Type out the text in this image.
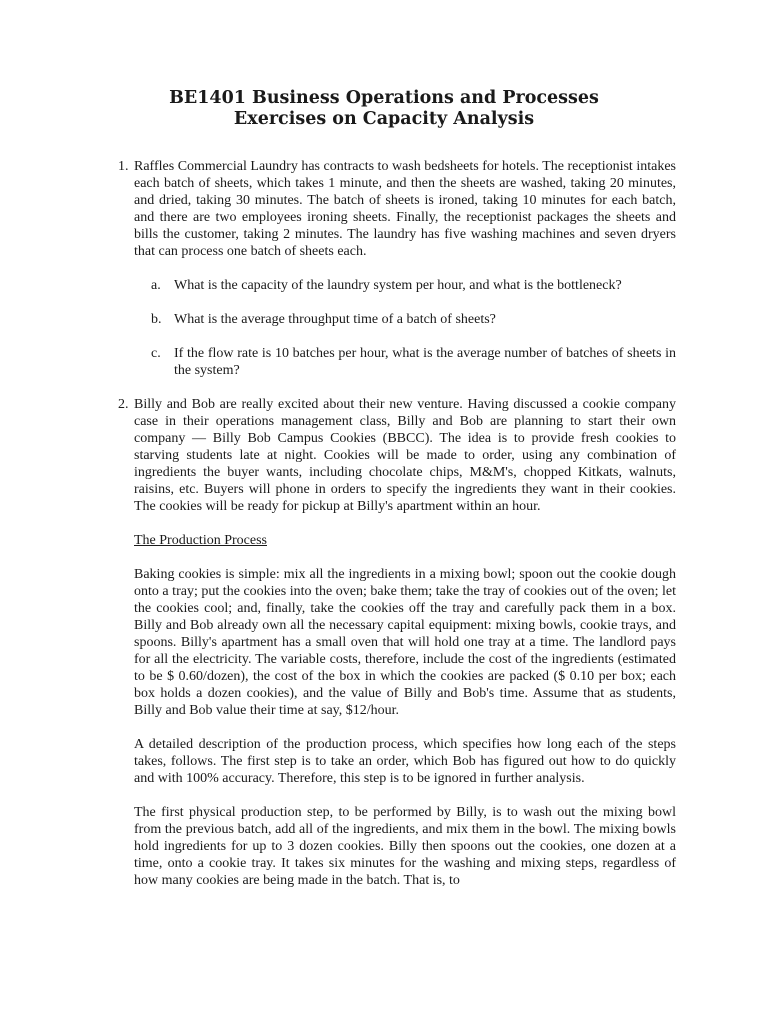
BE1401 Business Operations and Processes
Exercises on Capacity Analysis
1. Raffles Commercial Laundry has contracts to wash bedsheets for hotels. The receptionist intakes each batch of sheets, which takes 1 minute, and then the sheets are washed, taking 20 minutes, and dried, taking 30 minutes. The batch of sheets is ironed, taking 10 minutes for each batch, and there are two employees ironing sheets. Finally, the receptionist packages the sheets and bills the customer, taking 2 minutes. The laundry has five washing machines and seven dryers that can process one batch of sheets each.
a. What is the capacity of the laundry system per hour, and what is the bottleneck?
b. What is the average throughput time of a batch of sheets?
c. If the flow rate is 10 batches per hour, what is the average number of batches of sheets in the system?
2. Billy and Bob are really excited about their new venture. Having discussed a cookie company case in their operations management class, Billy and Bob are planning to start their own company — Billy Bob Campus Cookies (BBCC). The idea is to provide fresh cookies to starving students late at night. Cookies will be made to order, using any combination of ingredients the buyer wants, including chocolate chips, M&M's, chopped Kitkats, walnuts, raisins, etc. Buyers will phone in orders to specify the ingredients they want in their cookies. The cookies will be ready for pickup at Billy's apartment within an hour.

The Production Process

Baking cookies is simple: mix all the ingredients in a mixing bowl; spoon out the cookie dough onto a tray; put the cookies into the oven; bake them; take the tray of cookies out of the oven; let the cookies cool; and, finally, take the cookies off the tray and carefully pack them in a box. Billy and Bob already own all the necessary capital equipment: mixing bowls, cookie trays, and spoons. Billy's apartment has a small oven that will hold one tray at a time. The landlord pays for all the electricity. The variable costs, therefore, include the cost of the ingredients (estimated to be $ 0.60/dozen), the cost of the box in which the cookies are packed ($ 0.10 per box; each box holds a dozen cookies), and the value of Billy and Bob's time. Assume that as students, Billy and Bob value their time at say, $12/hour.

A detailed description of the production process, which specifies how long each of the steps takes, follows. The first step is to take an order, which Bob has figured out how to do quickly and with 100% accuracy. Therefore, this step is to be ignored in further analysis.

The first physical production step, to be performed by Billy, is to wash out the mixing bowl from the previous batch, add all of the ingredients, and mix them in the bowl. The mixing bowls hold ingredients for up to 3 dozen cookies. Billy then spoons out the cookies, one dozen at a time, onto a cookie tray. It takes six minutes for the washing and mixing steps, regardless of how many cookies are being made in the batch. That is, to
